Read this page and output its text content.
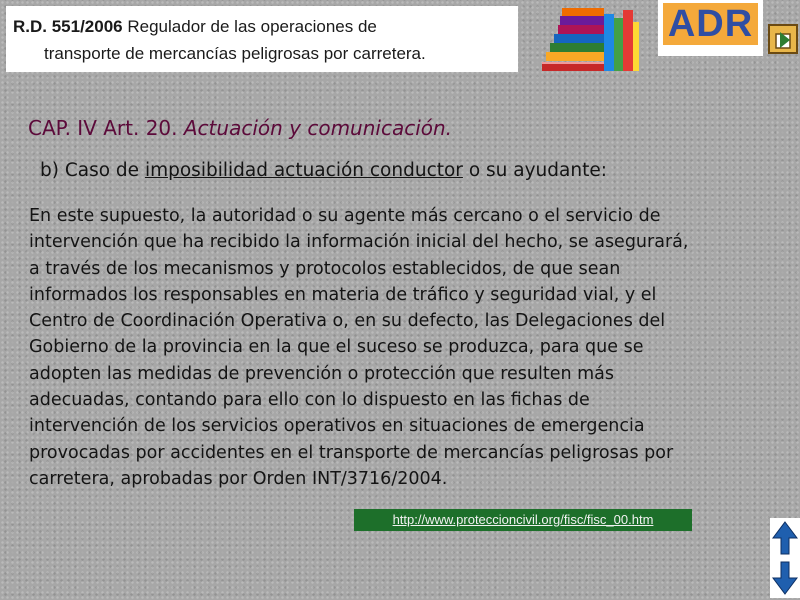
R.D. 551/2006 Regulador de las operaciones de
transporte de mercancías peligrosas por carretera.
ADR
CAP. IV Art. 20. Actuación y comunicación.
b) Caso de imposibilidad actuación conductor o su ayudante:
En este supuesto, la autoridad o su agente más cercano o el servicio de
intervención que ha recibido la información inicial del hecho, se asegurará,
a través de los mecanismos y protocolos establecidos, de que sean
informados los responsables en materia de tráfico y seguridad vial, y el
Centro de Coordinación Operativa o, en su defecto, las Delegaciones del
Gobierno de la provincia en la que el suceso se produzca, para que se
adopten las medidas de prevención o protección que resulten más
adecuadas, contando para ello con lo dispuesto en las fichas de
intervención de los servicios operativos en situaciones de emergencia
provocadas por accidentes en el transporte de mercancías peligrosas por
carretera, aprobadas por Orden INT/3716/2004.
http://www.proteccioncivil.org/fisc/fisc_00.htm
